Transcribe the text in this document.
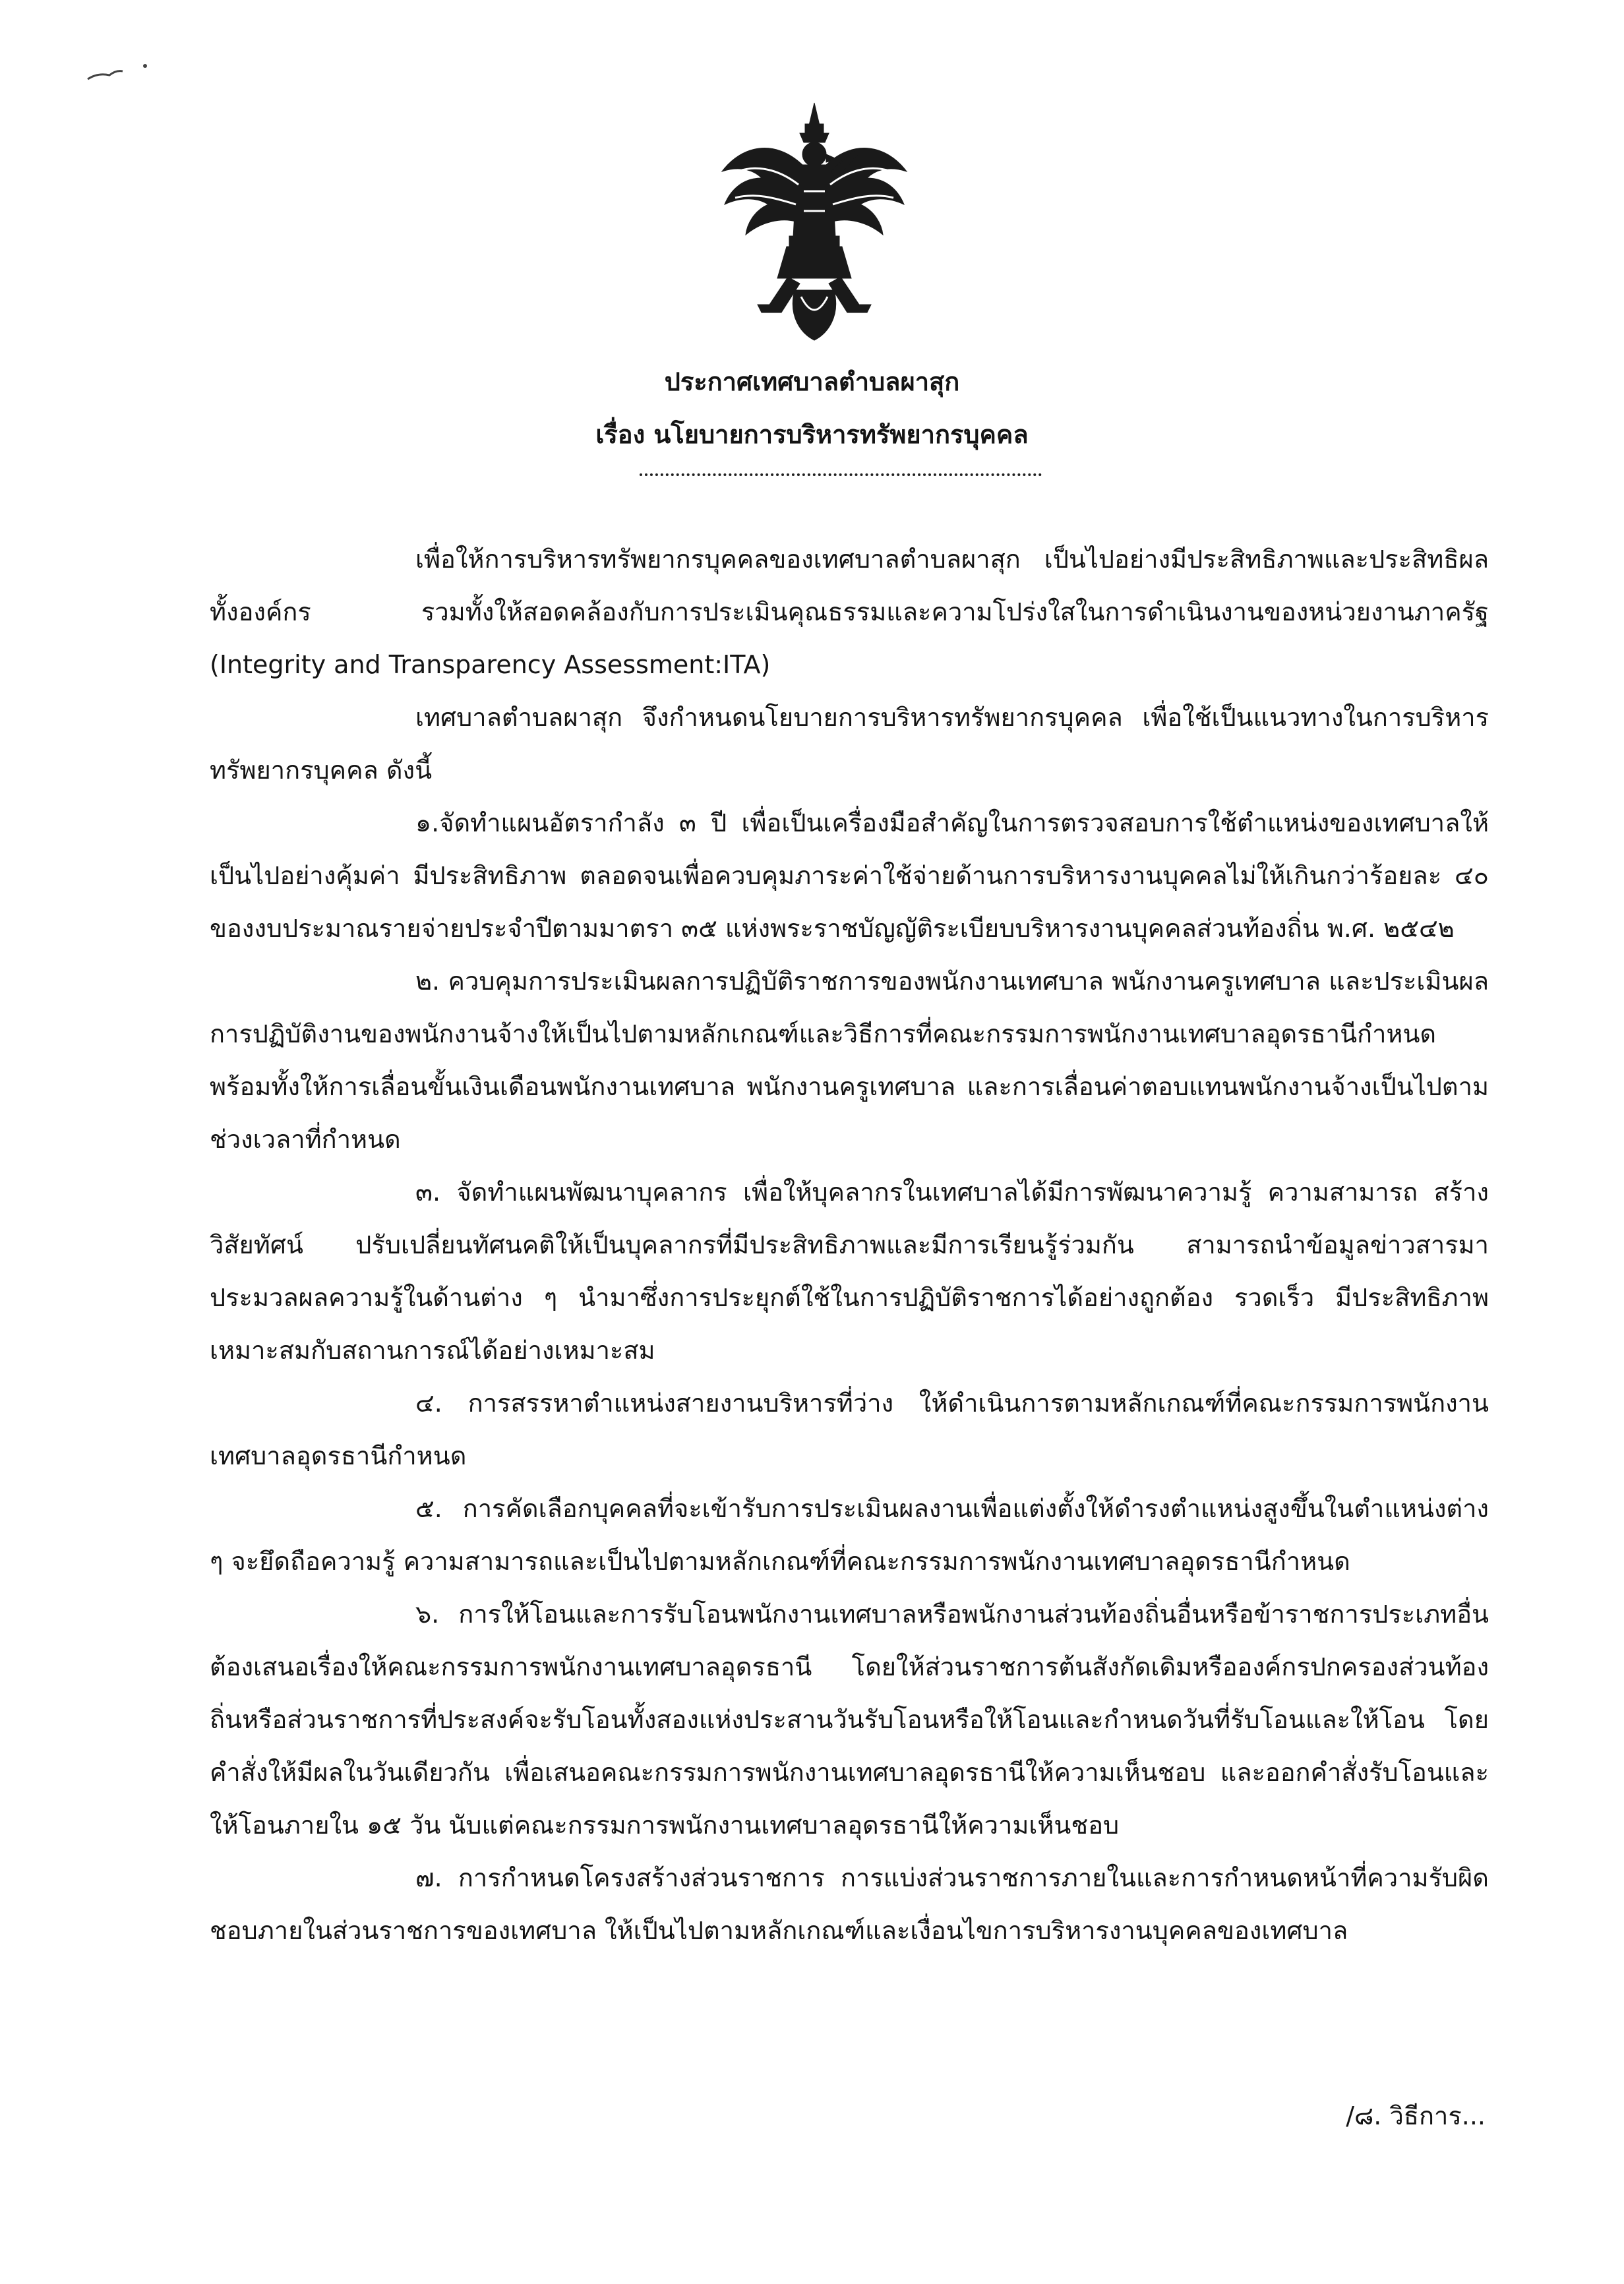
ประกาศเทศบาลตำบลผาสุก
เรื่อง นโยบายการบริหารทรัพยากรบุคคล

เพื่อให้การบริหารทรัพยากรบุคคลของเทศบาลตำบลผาสุก เป็นไปอย่างมีประสิทธิภาพและประสิทธิผลทั้งองค์กร รวมทั้งให้สอดคล้องกับการประเมินคุณธรรมและความโปร่งใสในการดำเนินงานของหน่วยงานภาครัฐ (Integrity and Transparency Assessment:ITA)

เทศบาลตำบลผาสุก จึงกำหนดนโยบายการบริหารทรัพยากรบุคคล เพื่อใช้เป็นแนวทางในการบริหารทรัพยากรบุคคล ดังนี้

๑.จัดทำแผนอัตรากำลัง ๓ ปี เพื่อเป็นเครื่องมือสำคัญในการตรวจสอบการใช้ตำแหน่งของเทศบาลให้เป็นไปอย่างคุ้มค่า มีประสิทธิภาพ ตลอดจนเพื่อควบคุมภาระค่าใช้จ่ายด้านการบริหารงานบุคคลไม่ให้เกินกว่าร้อยละ ๔๐ ของงบประมาณรายจ่ายประจำปีตามมาตรา ๓๕ แห่งพระราชบัญญัติระเบียบบริหารงานบุคคลส่วนท้องถิ่น พ.ศ. ๒๕๔๒

๒. ควบคุมการประเมินผลการปฏิบัติราชการของพนักงานเทศบาล พนักงานครูเทศบาล และประเมินผลการปฏิบัติงานของพนักงานจ้างให้เป็นไปตามหลักเกณฑ์และวิธีการที่คณะกรรมการพนักงานเทศบาลอุดรธานีกำหนด พร้อมทั้งให้การเลื่อนขั้นเงินเดือนพนักงานเทศบาล พนักงานครูเทศบาล และการเลื่อนค่าตอบแทนพนักงานจ้างเป็นไปตามช่วงเวลาที่กำหนด

๓. จัดทำแผนพัฒนาบุคลากร เพื่อให้บุคลากรในเทศบาลได้มีการพัฒนาความรู้ ความสามารถ สร้างวิสัยทัศน์ ปรับเปลี่ยนทัศนคติให้เป็นบุคลากรที่มีประสิทธิภาพและมีการเรียนรู้ร่วมกัน สามารถนำข้อมูลข่าวสารมาประมวลผลความรู้ในด้านต่าง ๆ นำมาซึ่งการประยุกต์ใช้ในการปฏิบัติราชการได้อย่างถูกต้อง รวดเร็ว มีประสิทธิภาพ เหมาะสมกับสถานการณ์ได้อย่างเหมาะสม

๔. การสรรหาตำแหน่งสายงานบริหารที่ว่าง ให้ดำเนินการตามหลักเกณฑ์ที่คณะกรรมการพนักงานเทศบาลอุดรธานีกำหนด

๕. การคัดเลือกบุคคลที่จะเข้ารับการประเมินผลงานเพื่อแต่งตั้งให้ดำรงตำแหน่งสูงขึ้นในตำแหน่งต่าง ๆ จะยึดถือความรู้ ความสามารถและเป็นไปตามหลักเกณฑ์ที่คณะกรรมการพนักงานเทศบาลอุดรธานีกำหนด

๖. การให้โอนและการรับโอนพนักงานเทศบาลหรือพนักงานส่วนท้องถิ่นอื่นหรือข้าราชการประเภทอื่นต้องเสนอเรื่องให้คณะกรรมการพนักงานเทศบาลอุดรธานี โดยให้ส่วนราชการต้นสังกัดเดิมหรือองค์กรปกครองส่วนท้องถิ่นหรือส่วนราชการที่ประสงค์จะรับโอนทั้งสองแห่งประสานวันรับโอนหรือให้โอนและกำหนดวันที่รับโอนและให้โอน โดยคำสั่งให้มีผลในวันเดียวกัน เพื่อเสนอคณะกรรมการพนักงานเทศบาลอุดรธานีให้ความเห็นชอบ และออกคำสั่งรับโอนและให้โอนภายใน ๑๕ วัน นับแต่คณะกรรมการพนักงานเทศบาลอุดรธานีให้ความเห็นชอบ

๗. การกำหนดโครงสร้างส่วนราชการ การแบ่งส่วนราชการภายในและการกำหนดหน้าที่ความรับผิดชอบภายในส่วนราชการของเทศบาล ให้เป็นไปตามหลักเกณฑ์และเงื่อนไขการบริหารงานบุคคลของเทศบาล

/๘. วิธีการ...
